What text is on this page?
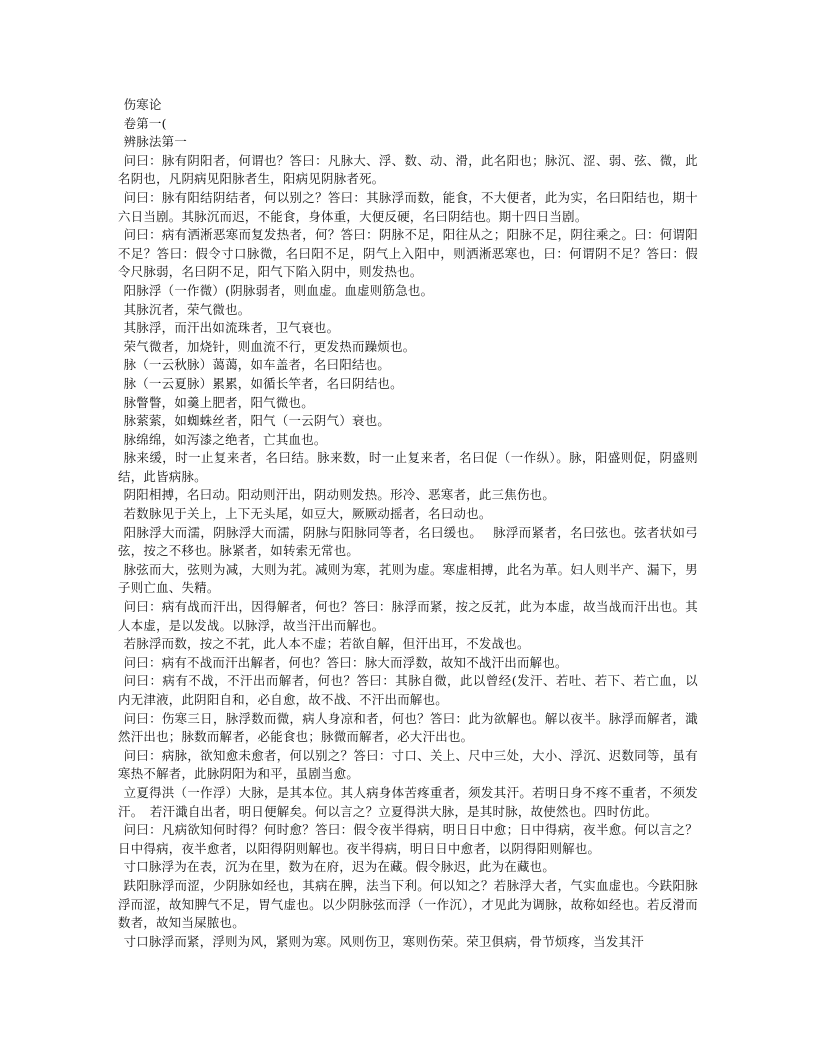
伤寒论

卷第一(

辨脉法第一

问曰：脉有阴阳者，何谓也？答曰：凡脉大、浮、数、动、滑，此名阳也；脉沉、涩、弱、弦、微，此名阴也，凡阴病见阳脉者生，阳病见阴脉者死。

问曰：脉有阳结阴结者，何以别之？答曰：其脉浮而数，能食，不大便者，此为实，名曰阳结也，期十六日当剧。其脉沉而迟，不能食，身体重，大便反硬，名曰阴结也。期十四日当剧。

问曰：病有洒淅恶寒而复发热者，何？答曰：阴脉不足，阳往从之；阳脉不足，阴往乘之。曰：何谓阳不足？答曰：假令寸口脉微，名曰阳不足，阴气上入阳中，则洒淅恶寒也，曰：何谓阴不足？答曰：假令尺脉弱，名曰阴不足，阳气下陷入阴中，则发热也。

阳脉浮（一作微）(阴脉弱者，则血虚。血虚则筋急也。

其脉沉者，荣气微也。

其脉浮，而汗出如流珠者，卫气衰也。

荣气微者，加烧针，则血流不行，更发热而躁烦也。

脉（一云秋脉）蔼蔼，如车盖者，名曰阳结也。

脉（一云夏脉）累累，如循长竿者，名曰阴结也。

脉瞥瞥，如羹上肥者，阳气微也。

脉萦萦，如蜘蛛丝者，阳气（一云阴气）衰也。

脉绵绵，如泻漆之绝者，亡其血也。

脉来缓，时一止复来者，名曰结。脉来数，时一止复来者，名曰促（一作纵）。脉，阳盛则促，阴盛则结，此皆病脉。

阴阳相搏，名曰动。阳动则汗出，阴动则发热。形冷、恶寒者，此三焦伤也。

若数脉见于关上，上下无头尾，如豆大，厥厥动摇者，名曰动也。

阳脉浮大而濡，阴脉浮大而濡，阴脉与阳脉同等者，名曰缓也。　 脉浮而紧者，名曰弦也。弦者状如弓弦，按之不移也。脉紧者，如转索无常也。

脉弦而大，弦则为减，大则为芤。减则为寒，芤则为虚。寒虚相搏，此名为革。妇人则半产、漏下，男子则亡血、失精。

问曰：病有战而汗出，因得解者，何也？答曰：脉浮而紧，按之反芤，此为本虚，故当战而汗出也。其人本虚，是以发战。以脉浮，故当汗出而解也。

若脉浮而数，按之不芤，此人本不虚；若欲自解，但汗出耳，不发战也。

问曰：病有不战而汗出解者，何也？答曰：脉大而浮数，故知不战汗出而解也。

问曰：病有不战，不汗出而解者，何也？答曰：其脉自微，此以曾经(发汗、若吐、若下、若亡血，以内无津液，此阴阳自和，必自愈，故不战、不汗出而解也。

问曰：伤寒三日，脉浮数而微，病人身凉和者，何也？答曰：此为欲解也。解以夜半。脉浮而解者，濈然汗出也；脉数而解者，必能食也；脉微而解者，必大汗出也。

问曰：病脉，欲知愈未愈者，何以别之？答曰：寸口、关上、尺中三处，大小、浮沉、迟数同等，虽有寒热不解者，此脉阴阳为和平，虽剧当愈。

立夏得洪（一作浮）大脉，是其本位。其人病身体苦疼重者，须发其汗。若明日身不疼不重者，不须发汗。　若汗濈自出者，明日便解矣。何以言之？立夏得洪大脉，是其时脉，故使然也。四时仿此。

问曰：凡病欲知何时得？何时愈？答曰：假令夜半得病，明日日中愈；日中得病，夜半愈。何以言之？日中得病，夜半愈者，以阳得阴则解也。夜半得病，明日日中愈者，以阴得阳则解也。

寸口脉浮为在表，沉为在里，数为在府，迟为在藏。假令脉迟，此为在藏也。

趺阳脉浮而涩，少阴脉如经也，其病在脾，法当下利。何以知之？若脉浮大者，气实血虚也。今趺阳脉浮而涩，故知脾气不足，胃气虚也。以少阴脉弦而浮（一作沉），才见此为调脉，故称如经也。若反滑而数者，故知当屎脓也。

寸口脉浮而紧，浮则为风，紧则为寒。风则伤卫，寒则伤荣。荣卫俱病，骨节烦疼，当发其汗
